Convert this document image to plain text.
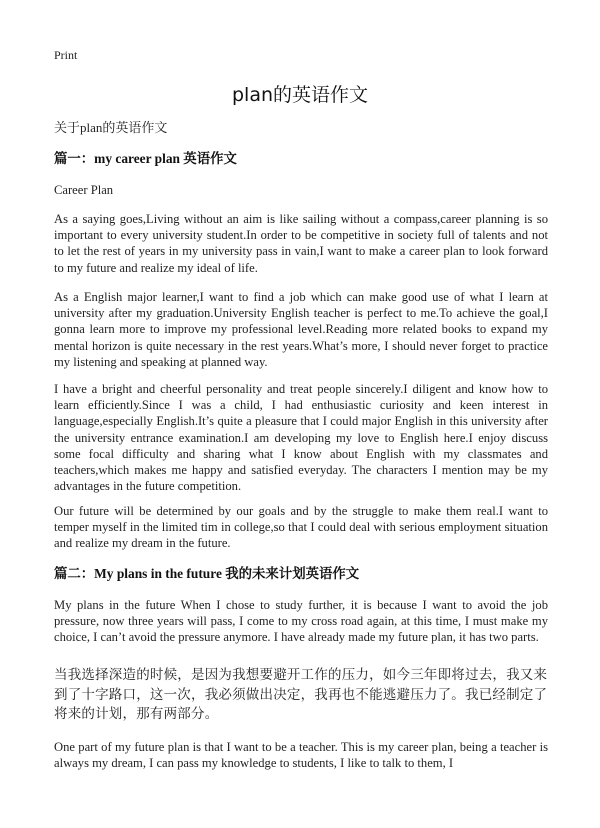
Print

plan的英语作文

关于plan的英语作文

篇一：my career plan 英语作文

Career Plan

As a saying goes,Living without an aim is like sailing without a compass,career planning is so important to every university student.In order to be competitive in society full of talents and not to let the rest of years in my university pass in vain,I want to make a career plan to look forward to my future and realize my ideal of life.

As a English major learner,I want to find a job which can make good use of what I learn at university after my graduation.University English teacher is perfect to me.To achieve the goal,I gonna learn more to improve my professional level.Reading more related books to expand my mental horizon is quite necessary in the rest years.What’s more, I should never forget to practice my listening and speaking at planned way.

I have a bright and cheerful personality and treat people sincerely.I diligent and know how to learn efficiently.Since I was a child, I had enthusiastic curiosity and keen interest in language,especially English.It’s quite a pleasure that I could major English in this university after the university entrance examination.I am developing my love to English here.I enjoy discuss some focal difficulty and sharing what I know about English with my classmates and teachers,which makes me happy and satisfied everyday. The characters I mention may be my advantages in the future competition.

Our future will be determined by our goals and by the struggle to make them real.I want to temper myself in the limited tim in college,so that I could deal with serious employment situation and realize my dream in the future.

篇二：My plans in the future 我的未来计划英语作文

My plans in the future When I chose to study further, it is because I want to avoid the job pressure, now three years will pass, I come to my cross road again, at this time, I must make my choice, I can’t avoid the pressure anymore. I have already made my future plan, it has two parts.

当我选择深造的时候，是因为我想要避开工作的压力，如今三年即将过去，我又来到了十字路口，这一次，我必须做出决定，我再也不能逃避压力了。我已经制定了将来的计划，那有两部分。

One part of my future plan is that I want to be a teacher. This is my career plan, being a teacher is always my dream, I can pass my knowledge to students, I like to talk to them, I
